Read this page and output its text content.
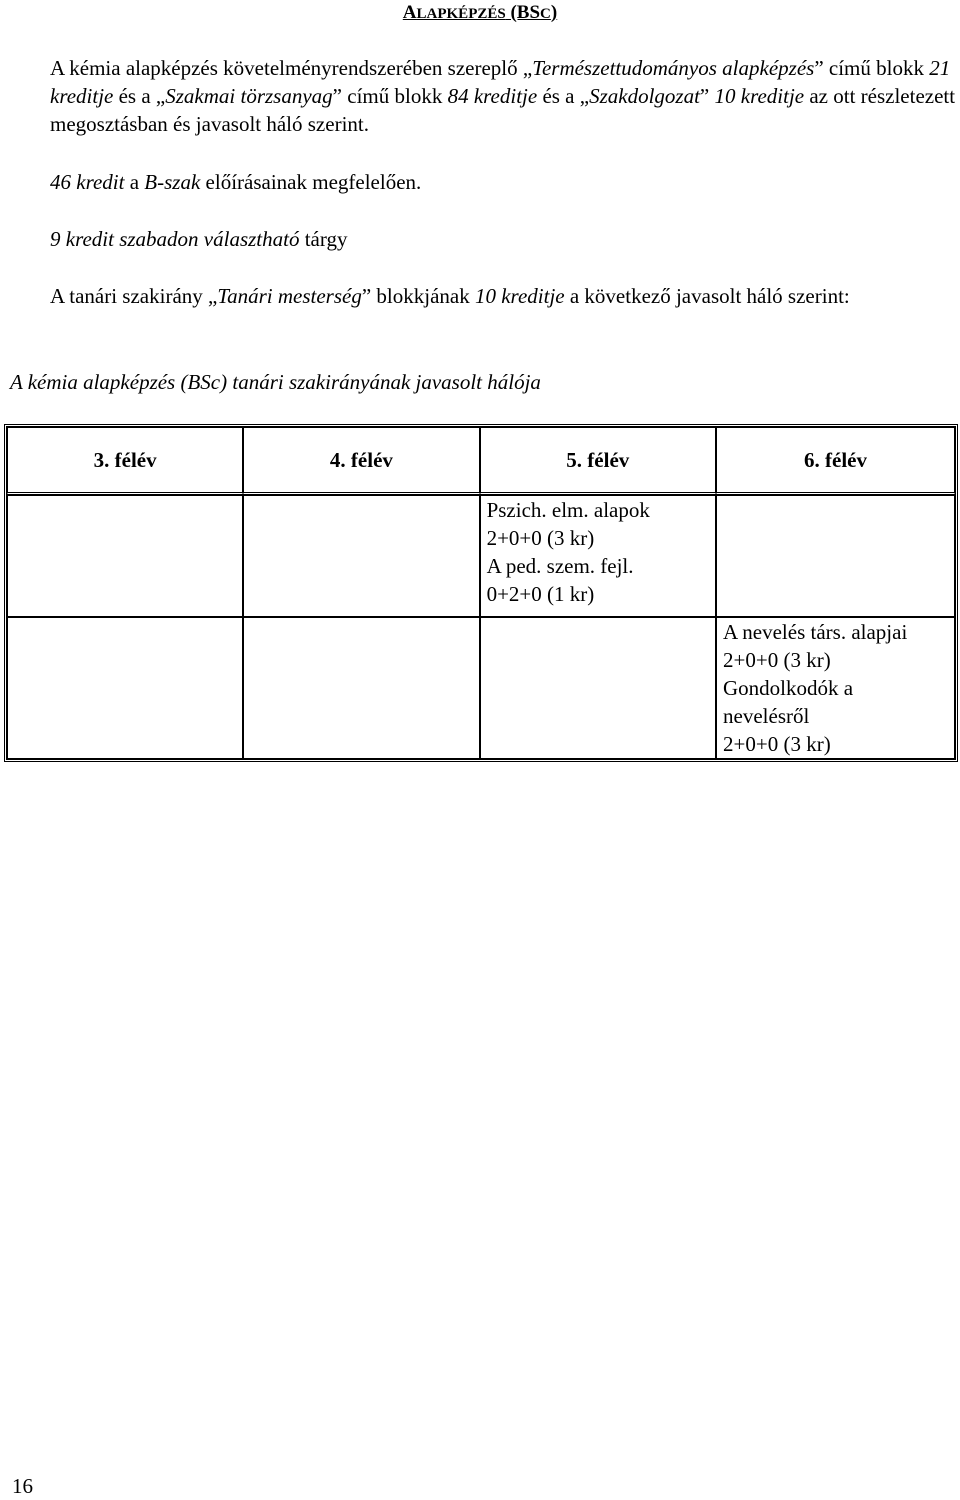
ALAPKÉPZÉS (BSC)
A kémia alapképzés követelményrendszerében szereplő „Természettudományos alapképzés” című blokk 21 kreditje és a „Szakmai törzsanyag” című blokk 84 kreditje és a „Szakdolgozat” 10 kreditje az ott részletezett megosztásban és javasolt háló szerint.
46 kredit a B-szak előírásainak megfelelően.
9 kredit szabadon választható tárgy
A tanári szakirány „Tanári mesterség” blokkjának 10 kreditje a következő javasolt háló szerint:
A kémia alapképzés (BSc) tanári szakirányának javasolt hálója
3. félév	4. félév	5. félév	6. félév

		Pszich. elm. alapok
2+0+0 (3 kr)
A ped. szem. fejl.
0+2+0 (1 kr)	

			A nevelés társ. alapjai
2+0+0 (3 kr)
Gondolkodók a
nevelésről
2+0+0 (3 kr)
16
